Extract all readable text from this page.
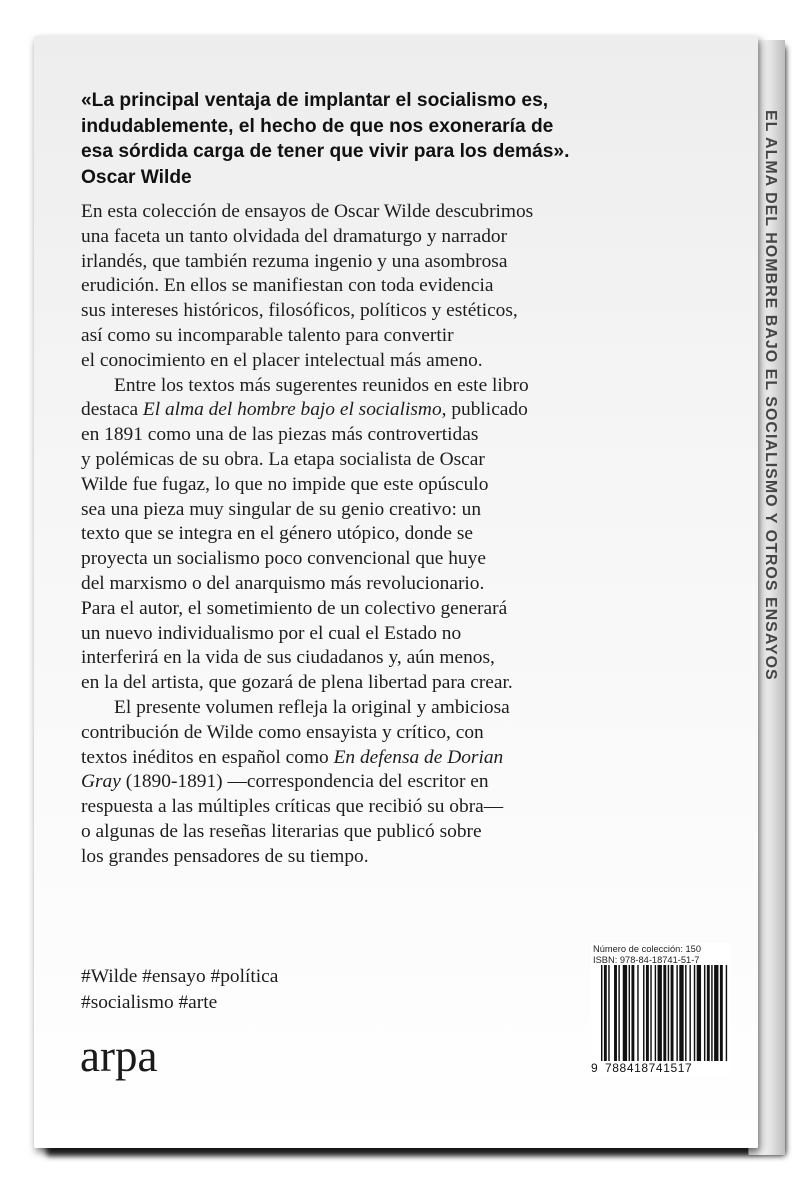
EL ALMA DEL HOMBRE BAJO EL SOCIALISMO Y OTROS ENSAYOS
«La principal ventaja de implantar el socialismo es,
indudablemente, el hecho de que nos exoneraría de
esa sórdida carga de tener que vivir para los demás».
Oscar Wilde
En esta colección de ensayos de Oscar Wilde descubrimos
una faceta un tanto olvidada del dramaturgo y narrador
irlandés, que también rezuma ingenio y una asombrosa
erudición. En ellos se manifiestan con toda evidencia
sus intereses históricos, filosóficos, políticos y estéticos,
así como su incomparable talento para convertir
el conocimiento en el placer intelectual más ameno.
Entre los textos más sugerentes reunidos en este libro
destaca El alma del hombre bajo el socialismo, publicado
en 1891 como una de las piezas más controvertidas
y polémicas de su obra. La etapa socialista de Oscar
Wilde fue fugaz, lo que no impide que este opúsculo
sea una pieza muy singular de su genio creativo: un
texto que se integra en el género utópico, donde se
proyecta un socialismo poco convencional que huye
del marxismo o del anarquismo más revolucionario.
Para el autor, el sometimiento de un colectivo generará
un nuevo individualismo por el cual el Estado no
interferirá en la vida de sus ciudadanos y, aún menos,
en la del artista, que gozará de plena libertad para crear.
El presente volumen refleja la original y ambiciosa
contribución de Wilde como ensayista y crítico, con
textos inéditos en español como En defensa de Dorian
Gray (1890-1891) —correspondencia del escritor en
respuesta a las múltiples críticas que recibió su obra—
o algunas de las reseñas literarias que publicó sobre
los grandes pensadores de su tiempo.
#Wilde #ensayo #política
#socialismo #arte
arpa
Número de colección: 150
ISBN: 978-84-18741-51-7
9 788418741517
